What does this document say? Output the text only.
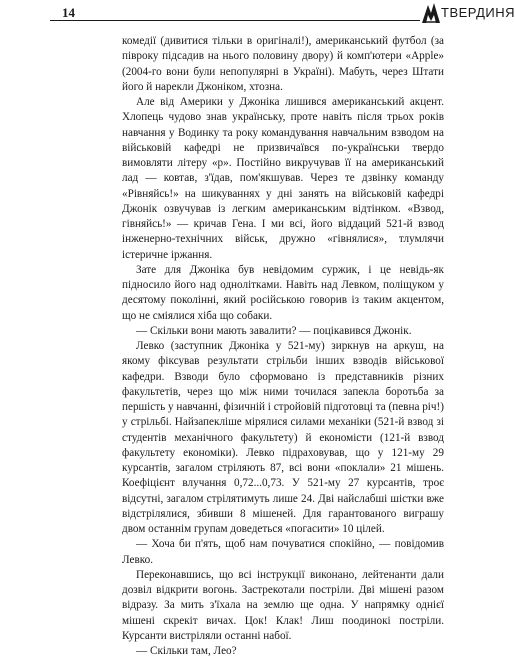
14	ТВЕРДИНЯ

комедії (дивитися тільки в оригіналі!), американський футбол (за півроку підсадив на нього половину двору) й комп'ютери «Apple» (2004-го вони були непопулярні в Україні). Мабуть, через Штати його й нарекли Джоніком, хтозна.

Але від Америки у Джоніка лишився американський акцент. Хлопець чудово знав українську, проте навіть після трьох років навчання у Водинку та року командування навчальним взводом на військовій кафедрі не призвичаївся по-українськи твердо вимовляти літеру «р». Постійно викручував її на американський лад — ковтав, з'їдав, пом'якшував. Через те дзвінку команду «Рівняйсь!» на шикуваннях у дні занять на військовій кафедрі Джонік озвучував із легким американським відтінком. «Взвод, гівняйсь!» — кричав Гена. І ми всі, його віддаций 521-й взвод інженерно-технічних військ, дружно «гівнялися», тлумлячи істеричне іржання.

Зате для Джоніка був невідомим суржик, і це невідь-як підносило його над однолітками. Навіть над Левком, поліщуком у десятому поколінні, який російською говорив із таким акцентом, що не сміялися хіба що собаки.

— Скільки вони мають завалити? — поцікавився Джонік.

Левко (заступник Джоніка у 521-му) зиркнув на аркуш, на якому фіксував результати стрільби інших взводів військової кафедри. Взводи було сформовано із представників різних факультетів, через що між ними точилася запекла боротьба за першість у навчанні, фізичній і стройовій підготовці та (певна річ!) у стрільбі. Найзапекліше мірялися силами механіки (521-й взвод зі студентів механічного факультету) й економісти (121-й взвод факультету економіки). Левко підраховував, що у 121-му 29 курсантів, загалом стріляють 87, всі вони «поклали» 21 мішень. Коефіцієнт влучання 0,72...0,73. У 521-му 27 курсантів, троє відсутні, загалом стрілятимуть лише 24. Дві найслабші шістки вже відстрілялися, збивши 8 мішеней. Для гарантованого виграшу двом останнім групам доведеться «погасити» 10 цілей.

— Хоча би п'ять, щоб нам почуватися спокійно, — повідомив Левко.

Переконавшись, що всі інструкції виконано, лейтенанти дали дозвіл відкрити вогонь. Застрекотали постріли. Дві мішені разом відразу. За мить з'їхала на землю ще одна. У напрямку однієї мішені скрекіт вичах. Цок! Клак! Лиш поодинокі постріли. Курсанти вистріляли останні набої.

— Скільки там, Лео?
